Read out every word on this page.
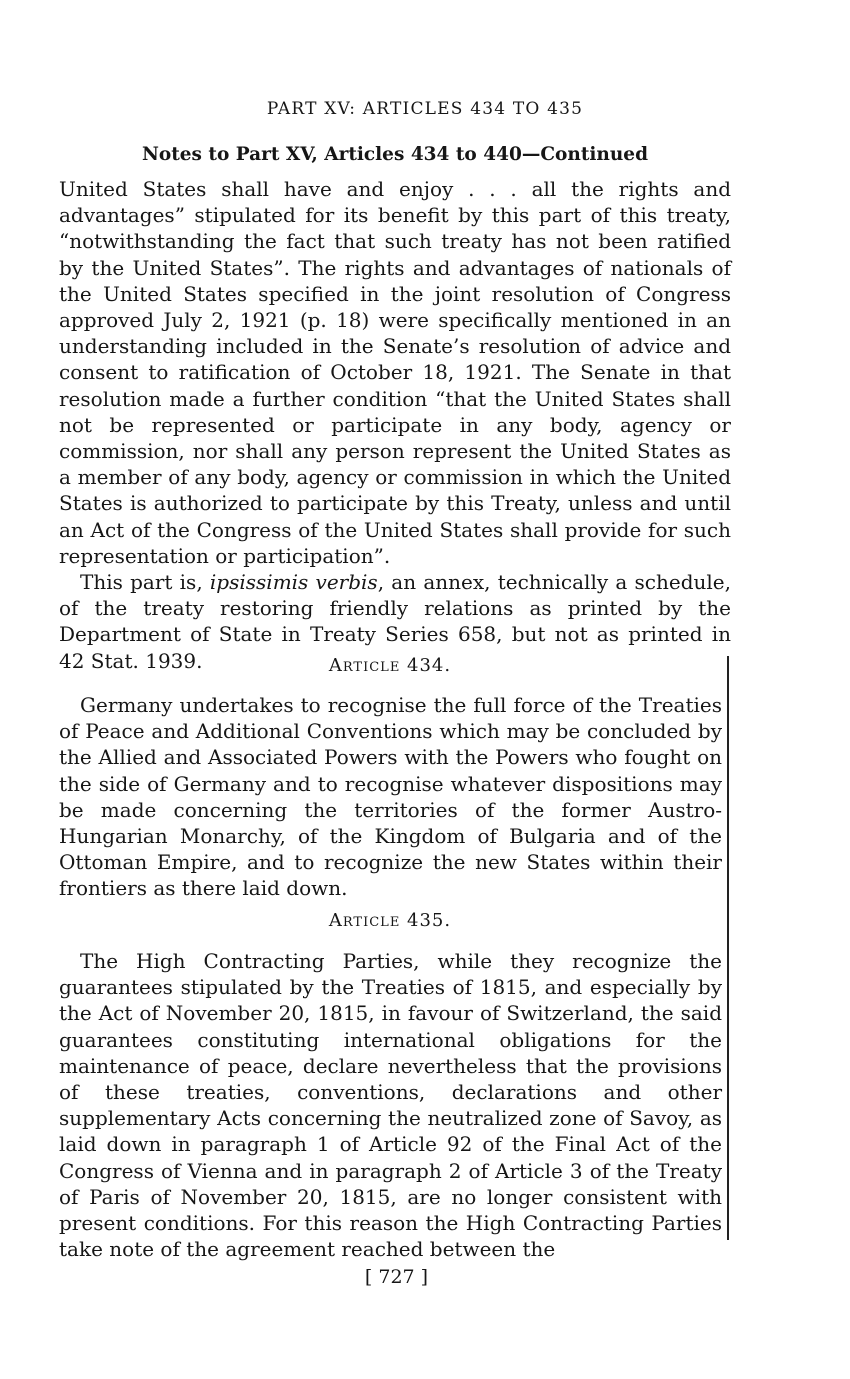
PART XV: ARTICLES 434 TO 435
Notes to Part XV, Articles 434 to 440—Continued

United States shall have and enjoy . . . all the rights and advantages” stipulated for its benefit by this part of this treaty, “notwithstanding the fact that such treaty has not been ratified by the United States”. The rights and advantages of nationals of the United States specified in the joint resolution of Congress approved July 2, 1921 (p. 18) were specifically mentioned in an understanding included in the Senate’s resolution of advice and consent to ratification of October 18, 1921. The Senate in that resolution made a further condition “that the United States shall not be represented or participate in any body, agency or commission, nor shall any person represent the United States as a member of any body, agency or commission in which the United States is authorized to participate by this Treaty, unless and until an Act of the Congress of the United States shall provide for such representation or participation”.

This part is, ipsissimis verbis, an annex, technically a schedule, of the treaty restoring friendly relations as printed by the Department of State in Treaty Series 658, but not as printed in 42 Stat. 1939.	Article 434.

Germany undertakes to recognise the full force of the Treaties of Peace and Additional Conventions which may be concluded by the Allied and Associated Powers with the Powers who fought on the side of Germany and to recognise whatever dispositions may be made concerning the territories of the former Austro-Hungarian Monarchy, of the Kingdom of Bulgaria and of the Ottoman Empire, and to recognize the new States within their frontiers as there laid down.

Article 435.

The High Contracting Parties, while they recognize the guarantees stipulated by the Treaties of 1815, and especially by the Act of November 20, 1815, in favour of Switzerland, the said guarantees constituting international obligations for the maintenance of peace, declare nevertheless that the provisions of these treaties, conventions, declarations and other supplementary Acts concerning the neutralized zone of Savoy, as laid down in paragraph 1 of Article 92 of the Final Act of the Congress of Vienna and in paragraph 2 of Article 3 of the Treaty of Paris of November 20, 1815, are no longer consistent with present conditions. For this reason the High Contracting Parties take note of the agreement reached between the

[ 727 ]
